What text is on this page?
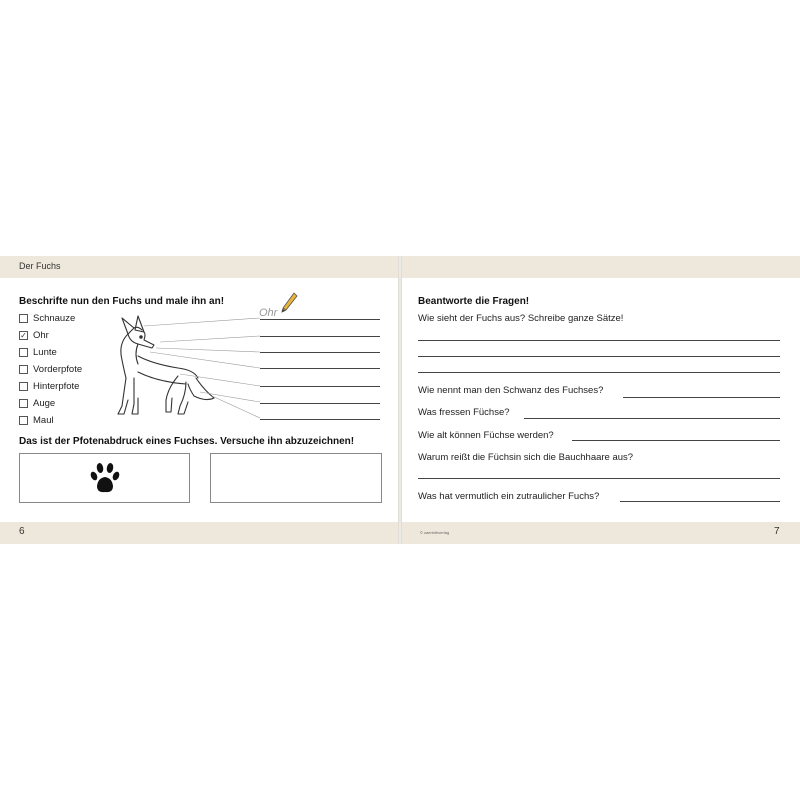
Der Fuchs
Beschrifte nun den Fuchs und male ihn an!
Schnauze
✓ Ohr
Lunte
Vorderpfote
Hinterpfote
Auge
Maul
Ohr
Das ist der Pfotenabdruck eines Fuchses. Versuche ihn abzuzeichnen!
6
Beantworte die Fragen!
Wie sieht der Fuchs aus? Schreibe ganze Sätze!
Wie nennt man den Schwanz des Fuchses?
Was fressen Füchse?
Wie alt können Füchse werden?
Warum reißt die Füchsin sich die Bauchhaare aus?
Was hat vermutlich ein zutraulicher Fuchs?
© zaertvthverlag	7
